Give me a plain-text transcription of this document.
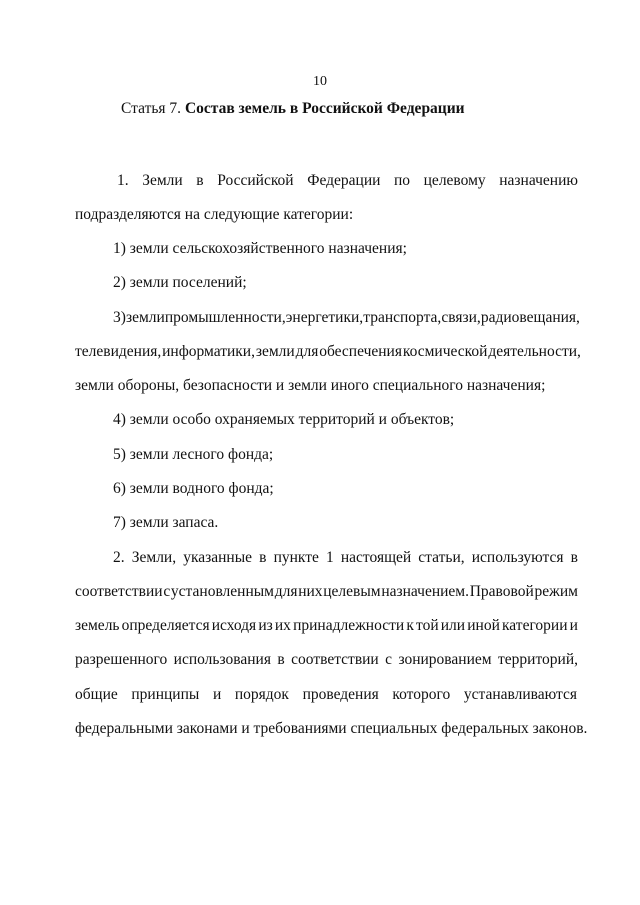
10
Статья 7. Состав земель в Российской Федерации
1. Земли в Российской Федерации по целевому назначению
подразделяются на следующие категории:
1) земли сельскохозяйственного назначения;
2) земли поселений;
3) земли промышленности, энергетики, транспорта, связи, радиовещания,
телевидения, информатики, земли для обеспечения космической деятельности,
земли обороны, безопасности и земли иного специального назначения;
4) земли особо охраняемых территорий и объектов;
5) земли лесного фонда;
6) земли водного фонда;
7) земли запаса.
2. Земли, указанные в пункте 1 настоящей статьи, используются в
соответствии с установленным для них целевым назначением. Правовой режим
земель определяется исходя из их принадлежности к той или иной категории и
разрешенного использования в соответствии с зонированием территорий,
общие принципы и порядок проведения которого устанавливаются
федеральными законами и требованиями специальных федеральных законов.
